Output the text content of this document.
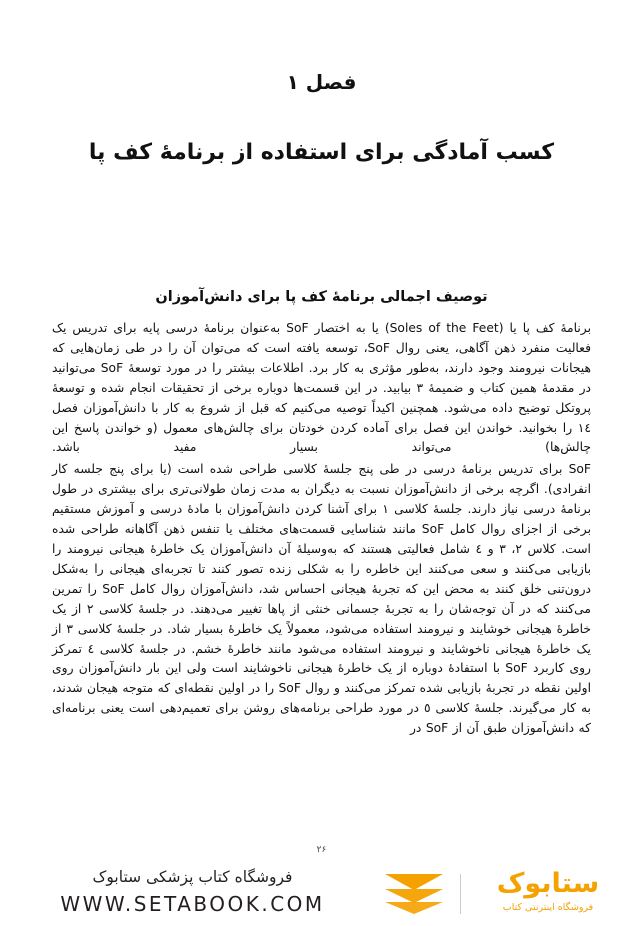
فصل ۱
کسب آمادگی برای استفاده از برنامهٔ کف پا
توصیف اجمالی برنامهٔ کف پا برای دانش‌آموزان

برنامهٔ کف پا یا (Soles of the Feet) یا به اختصار SoF به‌عنوان برنامهٔ درسی پایه برای تدریس یک فعالیت منفرد ذهن آگاهی، یعنی روال SoF، توسعه یافته است که می‌توان آن را در طی زمان‌هایی که هیجانات نیرومند وجود دارند، به‌طور مؤثری به کار برد. اطلاعات بیشتر را در مورد توسعهٔ SoF می‌توانید در مقدمهٔ همین کتاب و ضمیمهٔ ۳ بیابید. در این قسمت‌ها دوباره برخی از تحقیقات انجام شده و توسعهٔ پروتکل توضیح داده می‌شود. همچنین اکیداً توصیه می‌کنیم که قبل از شروع به کار با دانش‌آموزان فصل ۱٤ را بخوانید. خواندن این فصل برای آماده کردن خودتان برای چالش‌های معمول (و خواندن پاسخ این چالش‌ها) می‌تواند بسیار مفید باشد.

SoF برای تدریس برنامهٔ درسی در طی پنج جلسهٔ کلاسی طراحی شده است (یا برای پنج جلسه کار انفرادی). اگرچه برخی از دانش‌آموزان نسبت به دیگران به مدت زمان طولانی‌تری برای بیشتری در طول برنامهٔ درسی نیاز دارند. جلسهٔ کلاسی ۱ برای آشنا کردن دانش‌آموزان با مادهٔ درسی و آموزش مستقیم برخی از اجزای روال کامل SoF مانند شناسایی قسمت‌های مختلف یا تنفس ذهن آگاهانه طراحی شده است. کلاس ۲، ۳ و ٤ شامل فعالیتی هستند که به‌وسیلهٔ آن دانش‌آموزان یک خاطرهٔ هیجانی نیرومند را بازیابی می‌کنند و سعی می‌کنند این خاطره را به شکلی زنده تصور کنند تا تجربه‌ای هیجانی را به‌شکل درون‌تنی خلق کنند به محض این که تجربهٔ هیجانی احساس شد، دانش‌آموزان روال کامل SoF را تمرین می‌کنند که در آن توجه‌شان را به تجربهٔ جسمانی خنثی از پاها تغییر می‌دهند. در جلسهٔ کلاسی ۲ از یک خاطرهٔ هیجانی خوشایند و نیرومند استفاده می‌شود، معمولاً یک خاطرهٔ بسیار شاد. در جلسهٔ کلاسی ۳ از یک خاطرهٔ هیجانی ناخوشایند و نیرومند استفاده می‌شود مانند خاطرهٔ خشم. در جلسهٔ کلاسی ٤ تمرکز روی کاربرد SoF با استفادهٔ دوباره از یک خاطرهٔ هیجانی ناخوشایند است ولی این بار دانش‌آموزان روی اولین نقطه در تجربهٔ بازیابی شده تمرکز می‌کنند و روال SoF را در اولین نقطه‌ای که متوجه هیجان شدند، به کار می‌گیرند. جلسهٔ کلاسی ٥ در مورد طراحی برنامه‌های روشن برای تعمیم‌دهی است یعنی برنامه‌ای که دانش‌آموزان طبق آن از SoF در

۲۶
ستابوک
فروشگاه اینترنتی کتاب
فروشگاه کتاب پزشکی ستابوک
WWW.SETABOOK.COM
